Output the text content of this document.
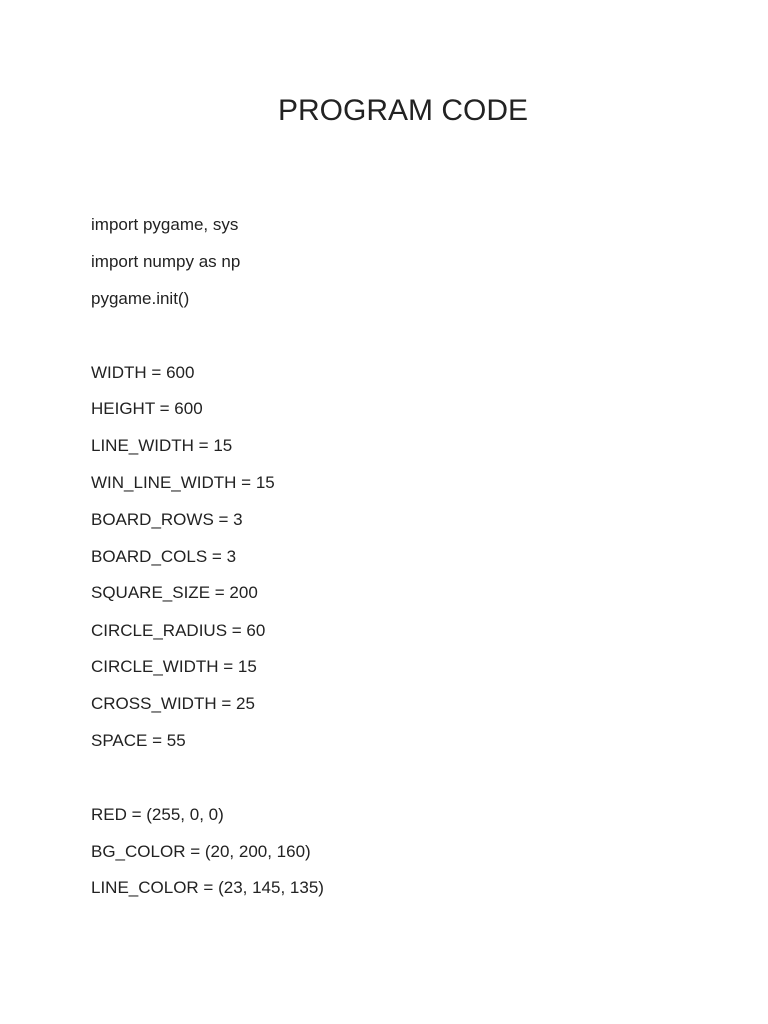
PROGRAM CODE

import pygame, sys

import numpy as np

pygame.init()

WIDTH = 600

HEIGHT = 600

LINE_WIDTH = 15

WIN_LINE_WIDTH = 15

BOARD_ROWS = 3

BOARD_COLS = 3

SQUARE_SIZE = 200

CIRCLE_RADIUS = 60

CIRCLE_WIDTH = 15

CROSS_WIDTH = 25

SPACE = 55

RED = (255, 0, 0)

BG_COLOR = (20, 200, 160)

LINE_COLOR = (23, 145, 135)
